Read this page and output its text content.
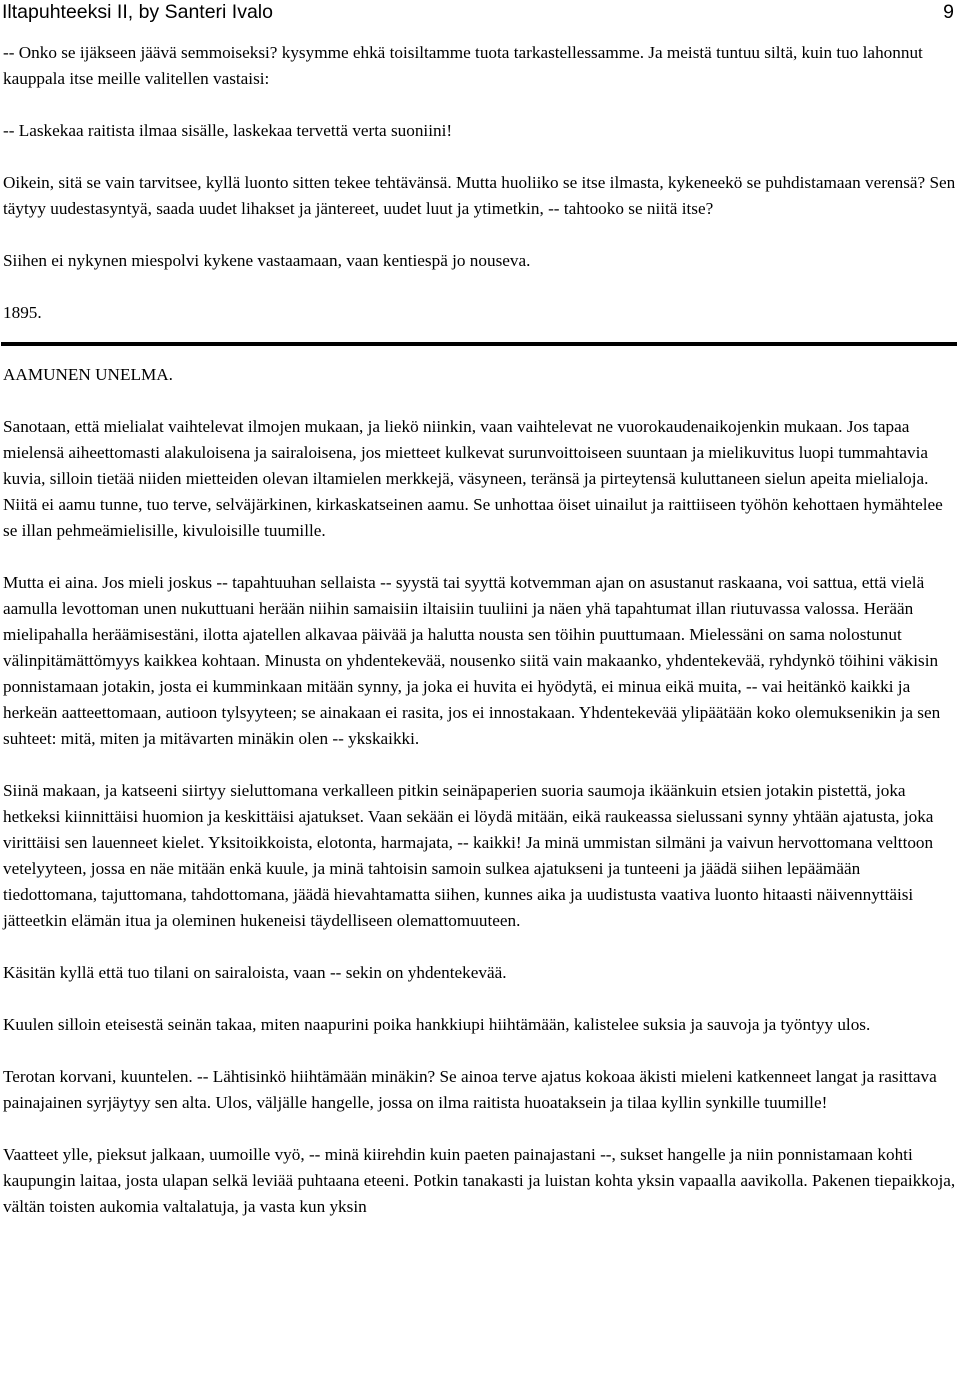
Iltapuhteeksi II, by Santeri Ivalo	9

-- Onko se ijäkseen jäävä semmoiseksi? kysymme ehkä toisiltamme tuota tarkastellessamme. Ja meistä tuntuu siltä, kuin tuo lahonnut kauppala itse meille valitellen vastaisi:

-- Laskekaa raitista ilmaa sisälle, laskekaa tervettä verta suoniini!

Oikein, sitä se vain tarvitsee, kyllä luonto sitten tekee tehtävänsä. Mutta huoliiko se itse ilmasta, kykeneekö se puhdistamaan verensä? Sen täytyy uudestasyntyä, saada uudet lihakset ja jäntereet, uudet luut ja ytimetkin, -- tahtooko se niitä itse?

Siihen ei nykynen miespolvi kykene vastaamaan, vaan kentiespä jo nouseva.

1895.

AAMUNEN UNELMA.

Sanotaan, että mielialat vaihtelevat ilmojen mukaan, ja liekö niinkin, vaan vaihtelevat ne vuorokaudenaikojenkin mukaan. Jos tapaa mielensä aiheettomasti alakuloisena ja sairaloisena, jos mietteet kulkevat surunvoittoiseen suuntaan ja mielikuvitus luopi tummahtavia kuvia, silloin tietää niiden mietteiden olevan iltamielen merkkejä, väsyneen, teränsä ja pirteytensä kuluttaneen sielun apeita mielialoja. Niitä ei aamu tunne, tuo terve, selväjärkinen, kirkaskatseinen aamu. Se unhottaa öiset uinailut ja raittiiseen työhön kehottaen hymähtelee se illan pehmeämielisille, kivuloisille tuumille.

Mutta ei aina. Jos mieli joskus -- tapahtuuhan sellaista -- syystä tai syyttä kotvemman ajan on asustanut raskaana, voi sattua, että vielä aamulla levottoman unen nukuttuani herään niihin samaisiin iltaisiin tuuliini ja näen yhä tapahtumat illan riutuvassa valossa. Herään mielipahalla heräämisestäni, ilotta ajatellen alkavaa päivää ja halutta nousta sen töihin puuttumaan. Mielessäni on sama nolostunut välinpitämättömyys kaikkea kohtaan. Minusta on yhdentekevää, nousenko siitä vain makaanko, yhdentekevää, ryhdynkö töihini väkisin ponnistamaan jotakin, josta ei kumminkaan mitään synny, ja joka ei huvita ei hyödytä, ei minua eikä muita, -- vai heitänkö kaikki ja herkeän aatteettomaan, autioon tylsyyteen; se ainakaan ei rasita, jos ei innostakaan. Yhdentekevää ylipäätään koko olemuksenikin ja sen suhteet: mitä, miten ja mitävarten minäkin olen -- ykskaikki.

Siinä makaan, ja katseeni siirtyy sieluttomana verkalleen pitkin seinäpaperien suoria saumoja ikäänkuin etsien jotakin pistettä, joka hetkeksi kiinnittäisi huomion ja keskittäisi ajatukset. Vaan sekään ei löydä mitään, eikä raukeassa sielussani synny yhtään ajatusta, joka virittäisi sen lauenneet kielet. Yksitoikkoista, elotonta, harmajata, -- kaikki! Ja minä ummistan silmäni ja vaivun hervottomana velttoon vetelyyteen, jossa en näe mitään enkä kuule, ja minä tahtoisin samoin sulkea ajatukseni ja tunteeni ja jäädä siihen lepäämään tiedottomana, tajuttomana, tahdottomana, jäädä hievahtamatta siihen, kunnes aika ja uudistusta vaativa luonto hitaasti näivennyttäisi jätteetkin elämän itua ja oleminen hukeneisi täydelliseen olemattomuuteen.

Käsitän kyllä että tuo tilani on sairaloista, vaan -- sekin on yhdentekevää.

Kuulen silloin eteisestä seinän takaa, miten naapurini poika hankkiupi hiihtämään, kalistelee suksia ja sauvoja ja työntyy ulos.

Terotan korvani, kuuntelen. -- Lähtisinkö hiihtämään minäkin? Se ainoa terve ajatus kokoaa äkisti mieleni katkenneet langat ja rasittava painajainen syrjäytyy sen alta. Ulos, väljälle hangelle, jossa on ilma raitista huoataksein ja tilaa kyllin synkille tuumille!

Vaatteet ylle, pieksut jalkaan, uumoille vyö, -- minä kiirehdin kuin paeten painajastani --, sukset hangelle ja niin ponnistamaan kohti kaupungin laitaa, josta ulapan selkä leviää puhtaana eteeni. Potkin tanakasti ja luistan kohta yksin vapaalla aavikolla. Pakenen tiepaikkoja, vältän toisten aukomia valtalatuja, ja vasta kun yksin
